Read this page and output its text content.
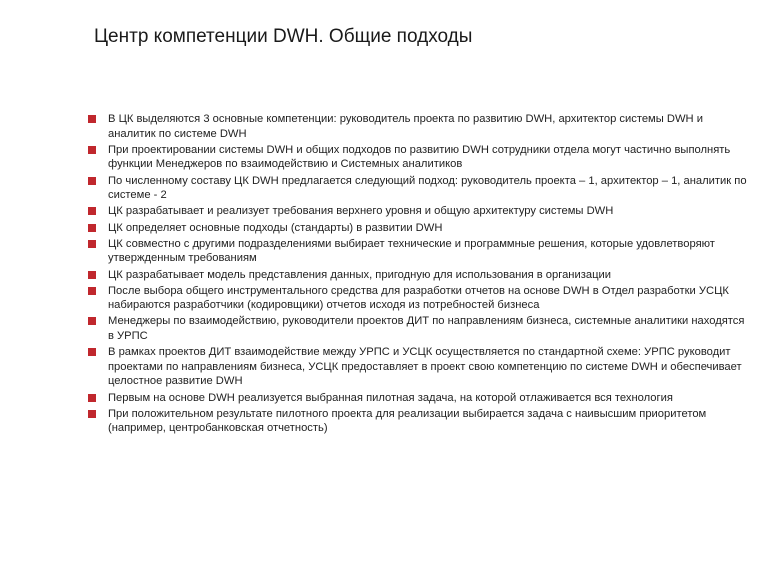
Центр компетенции DWH. Общие подходы
В ЦК выделяются 3 основные компетенции: руководитель проекта по развитию DWH, архитектор системы DWH и аналитик по системе DWH
При проектировании системы DWH и общих подходов по развитию DWH сотрудники отдела могут частично выполнять функции Менеджеров по взаимодействию и Системных аналитиков
По численному составу ЦК DWH предлагается следующий подход: руководитель проекта – 1, архитектор – 1, аналитик по системе - 2
ЦК разрабатывает и реализует требования верхнего уровня и общую архитектуру системы DWH
ЦК определяет основные подходы (стандарты) в развитии DWH
ЦК совместно с другими подразделениями выбирает технические и программные решения, которые удовлетворяют утвержденным требованиям
ЦК разрабатывает модель представления данных, пригодную для использования в организации
После выбора общего инструментального средства для разработки отчетов на основе DWH в Отдел разработки УСЦК набираются разработчики (кодировщики) отчетов исходя из потребностей бизнеса
Менеджеры по взаимодействию, руководители проектов ДИТ по направлениям бизнеса, системные аналитики находятся в УРПС
В рамках проектов ДИТ взаимодействие между УРПС и УСЦК осуществляется по стандартной схеме: УРПС руководит проектами по направлениям бизнеса, УСЦК предоставляет в проект свою компетенцию по системе DWH и обеспечивает целостное развитие DWH
Первым на основе DWH реализуется выбранная пилотная задача, на которой отлаживается вся технология
При положительном результате пилотного проекта для реализации выбирается задача с наивысшим приоритетом (например, центробанковская отчетность)
